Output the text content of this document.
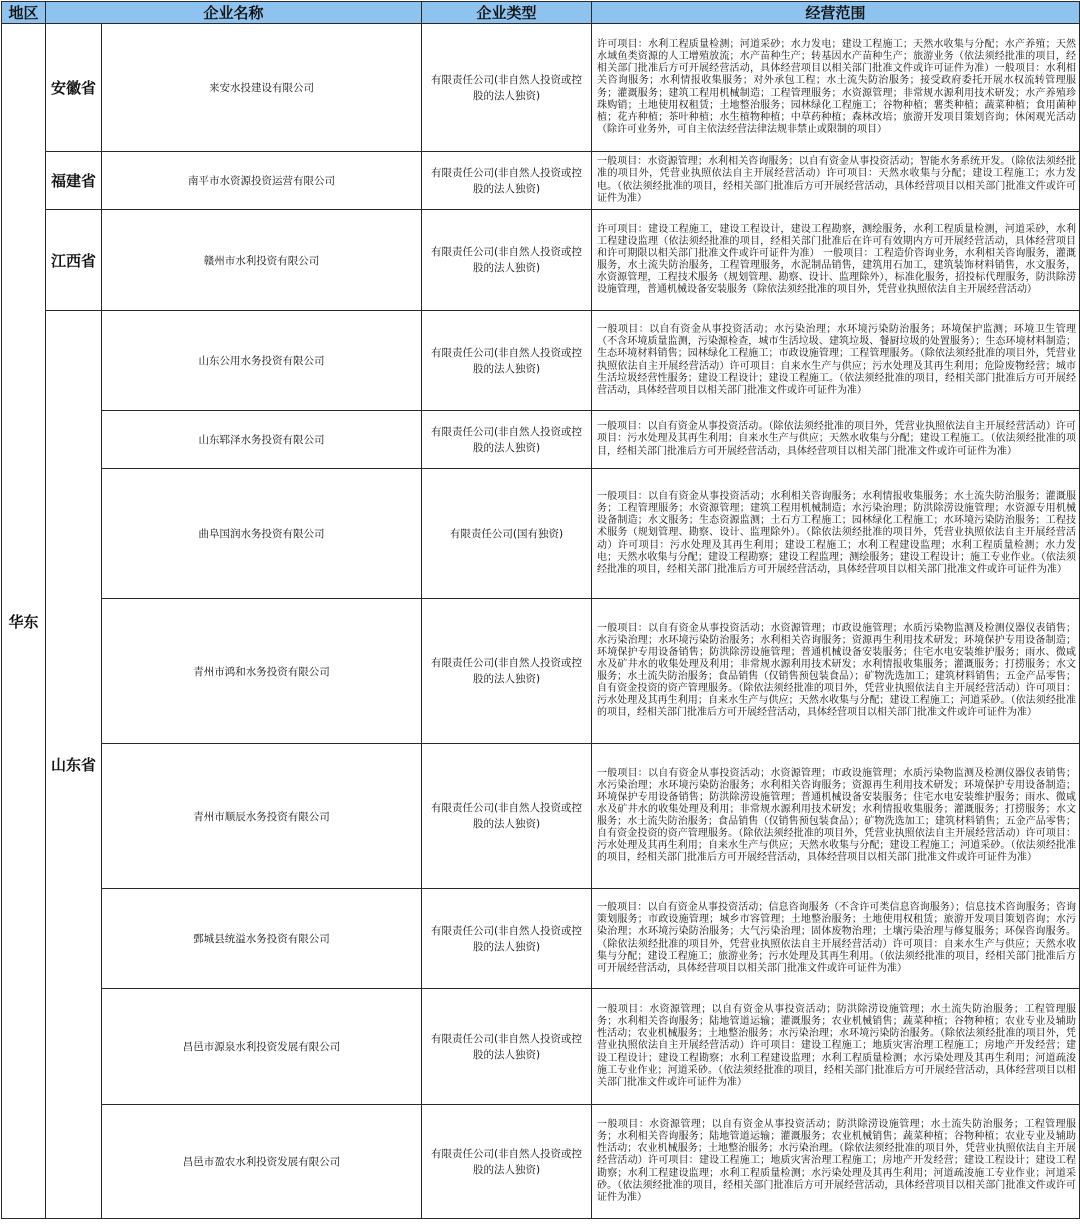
地区	企业名称		企业类型	经营范围
华东	安徽省	来安水投建设有限公司	有限责任公司(非自然人投资或控股的法人独资)	许可项目：水利工程质量检测；河道采砂；水力发电；建设工程施工；天然水收集与分配；水产养殖；天然水域鱼类资源的人工增殖放流；水产苗种生产；转基因水产苗种生产；旅游业务（依法须经批准的项目，经相关部门批准后方可开展经营活动，具体经营项目以相关部门批准文件或许可证件为准）一般项目：水利相关咨询服务；水利情报收集服务；对外承包工程；水土流失防治服务；接受政府委托开展水权流转管理服务；灌溉服务；建筑工程用机械制造；工程管理服务；水资源管理；非常规水源利用技术研发；水产养殖珍珠购销；土地使用权租赁；土地整治服务；园林绿化工程施工；谷物种植；薯类种植；蔬菜种植；食用菌种植；花卉种植；茶叶种植；水生植物种植；中草药种植；森林改培；旅游开发项目策划咨询；休闲观光活动（除许可业务外，可自主依法经营法律法规非禁止或限制的项目）
	福建省	南平市水资源投资运营有限公司	有限责任公司(非自然人投资或控股的法人独资)	一般项目：水资源管理；水利相关咨询服务；以自有资金从事投资活动；智能水务系统开发。（除依法须经批准的项目外，凭营业执照依法自主开展经营活动）许可项目：天然水收集与分配；建设工程施工；水力发电。（依法须经批准的项目，经相关部门批准后方可开展经营活动，具体经营项目以相关部门批准文件或许可证件为准）
	江西省	赣州市水利投资有限公司	有限责任公司(非自然人投资或控股的法人独资)	许可项目：建设工程施工，建设工程设计，建设工程勘察，测绘服务，水利工程质量检测，河道采砂，水利工程建设监理（依法须经批准的项目，经相关部门批准后在许可有效期内方可开展经营活动，具体经营项目和许可期限以相关部门批准文件或许可证件为准） 一般项目：工程造价咨询业务，水利相关咨询服务，灌溉服务，水土流失防治服务，工程管理服务，水泥制品销售，建筑用石加工，建筑装饰材料销售，水文服务，水资源管理，工程技术服务（规划管理、勘察、设计、监理除外），标准化服务，招投标代理服务，防洪除涝设施管理，普通机械设备安装服务（除依法须经批准的项目外，凭营业执照依法自主开展经营活动）
	山东省	山东公用水务投资有限公司	有限责任公司(非自然人投资或控股的法人独资)	一般项目：以自有资金从事投资活动；水污染治理；水环境污染防治服务；环境保护监测；环境卫生管理（不含环境质量监测，污染源检查，城市生活垃圾、建筑垃圾、餐厨垃圾的处置服务）；生态环境材料制造；生态环境材料销售；园林绿化工程施工；市政设施管理；工程管理服务。（除依法须经批准的项目外，凭营业执照依法自主开展经营活动）许可项目：自来水生产与供应；污水处理及其再生利用；危险废物经营；城市生活垃圾经营性服务；建设工程设计；建设工程施工。（依法须经批准的项目，经相关部门批准后方可开展经营活动，具体经营项目以相关部门批准文件或许可证件为准）
		山东郓泽水务投资有限公司	有限责任公司(非自然人投资或控股的法人独资)	一般项目：以自有资金从事投资活动。（除依法须经批准的项目外，凭营业执照依法自主开展经营活动）许可项目：污水处理及其再生利用；自来水生产与供应；天然水收集与分配；建设工程施工。（依法须经批准的项目，经相关部门批准后方可开展经营活动，具体经营项目以相关部门批准文件或许可证件为准）
		曲阜国润水务投资有限公司	有限责任公司(国有独资)	一般项目：以自有资金从事投资活动；水利相关咨询服务；水利情报收集服务；水土流失防治服务；灌溉服务；工程管理服务；水资源管理；建筑工程用机械制造；水污染治理；防洪除涝设施管理；水资源专用机械设备制造；水文服务；生态资源监测；土石方工程施工；园林绿化工程施工；水环境污染防治服务；工程技术服务（规划管理、勘察、设计、监理除外）。（除依法须经批准的项目外，凭营业执照依法自主开展经营活动）许可项目：污水处理及其再生利用；建设工程施工；水利工程建设监理；水利工程质量检测；水力发电；天然水收集与分配；建设工程勘察；建设工程监理；测绘服务；建设工程设计；施工专业作业。（依法须经批准的项目，经相关部门批准后方可开展经营活动，具体经营项目以相关部门批准文件或许可证件为准）
		青州市鸿和水务投资有限公司	有限责任公司(非自然人投资或控股的法人独资)	一般项目：以自有资金从事投资活动；水资源管理；市政设施管理；水质污染物监测及检测仪器仪表销售；水污染治理；水环境污染防治服务；水利相关咨询服务；资源再生利用技术研发；环境保护专用设备制造；环境保护专用设备销售；防洪除涝设施管理；普通机械设备安装服务；住宅水电安装维护服务；雨水、微咸水及矿井水的收集处理及利用；非常规水源利用技术研发；水利情报收集服务；灌溉服务；打捞服务；水文服务；水土流失防治服务；食品销售（仅销售预包装食品）；矿物洗选加工；建筑材料销售；五金产品零售；自有资金投资的资产管理服务。（除依法须经批准的项目外，凭营业执照依法自主开展经营活动）许可项目：污水处理及其再生利用；自来水生产与供应；天然水收集与分配；建设工程施工；河道采砂。（依法须经批准的项目，经相关部门批准后方可开展经营活动，具体经营项目以相关部门批准文件或许可证件为准）
		青州市顺辰水务投资有限公司	有限责任公司(非自然人投资或控股的法人独资)	一般项目：以自有资金从事投资活动；水资源管理；市政设施管理；水质污染物监测及检测仪器仪表销售；水污染治理；水环境污染防治服务；水利相关咨询服务；资源再生利用技术研发；环境保护专用设备制造；环境保护专用设备销售；防洪除涝设施管理；普通机械设备安装服务；住宅水电安装维护服务；雨水、微咸水及矿井水的收集处理及利用；非常规水源利用技术研发；水利情报收集服务；灌溉服务；打捞服务；水文服务；水土流失防治服务；食品销售（仅销售预包装食品）；矿物洗选加工；建筑材料销售；五金产品零售；自有资金投资的资产管理服务。（除依法须经批准的项目外，凭营业执照依法自主开展经营活动）许可项目：污水处理及其再生利用；自来水生产与供应；天然水收集与分配；建设工程施工；河道采砂。（依法须经批准的项目，经相关部门批准后方可开展经营活动，具体经营项目以相关部门批准文件或许可证件为准）
		鄄城县统溢水务投资有限公司	有限责任公司(非自然人投资或控股的法人独资)	一般项目：以自有资金从事投资活动；信息咨询服务（不含许可类信息咨询服务）；信息技术咨询服务；咨询策划服务；市政设施管理；城乡市容管理；土地整治服务；土地使用权租赁；旅游开发项目策划咨询；水污染治理；水环境污染防治服务；大气污染治理；固体废物治理；土壤污染治理与修复服务；环保咨询服务。（除依法须经批准的项目外，凭营业执照依法自主开展经营活动）许可项目：自来水生产与供应；天然水收集与分配；建设工程施工；旅游业务；污水处理及其再生利用。（依法须经批准的项目，经相关部门批准后方可开展经营活动，具体经营项目以相关部门批准文件或许可证件为准）
		昌邑市源泉水利投资发展有限公司	有限责任公司(非自然人投资或控股的法人独资)	一般项目：水资源管理；以自有资金从事投资活动；防洪除涝设施管理；水土流失防治服务；工程管理服务；水利相关咨询服务；陆地管道运输；灌溉服务；农业机械销售；蔬菜种植；谷物种植；农业专业及辅助性活动；农业机械服务；土地整治服务；水污染治理；水环境污染防治服务。（除依法须经批准的项目外，凭营业执照依法自主开展经营活动）许可项目：建设工程施工；地质灾害治理工程施工；房地产开发经营；建设工程设计；建设工程勘察；水利工程建设监理；水利工程质量检测；水污染处理及其再生利用；河道疏浚施工专业作业；河道采砂。（依法须经批准的项目，经相关部门批准后方可开展经营活动，具体经营项目以相关部门批准文件或许可证件为准）
		昌邑市盈农水利投资发展有限公司	有限责任公司(非自然人投资或控股的法人独资)	一般项目：水资源管理；以自有资金从事投资活动；防洪除涝设施管理；水土流失防治服务；工程管理服务；水利相关咨询服务；陆地管道运输；灌溉服务；农业机械销售；蔬菜种植；谷物种植；农业专业及辅助性活动；农业机械服务；土地整治服务；水污染治理。（除依法须经批准的项目外，凭营业执照依法自主开展经营活动）许可项目：建设工程施工；地质灾害治理工程施工；房地产开发经营；建设工程设计；建设工程勘察；水利工程建设监理；水利工程质量检测；水污染处理及其再生利用；河道疏浚施工专业作业；河道采砂。（依法须经批准的项目，经相关部门批准后方可开展经营活动，具体经营项目以相关部门批准文件或许可证件为准）
